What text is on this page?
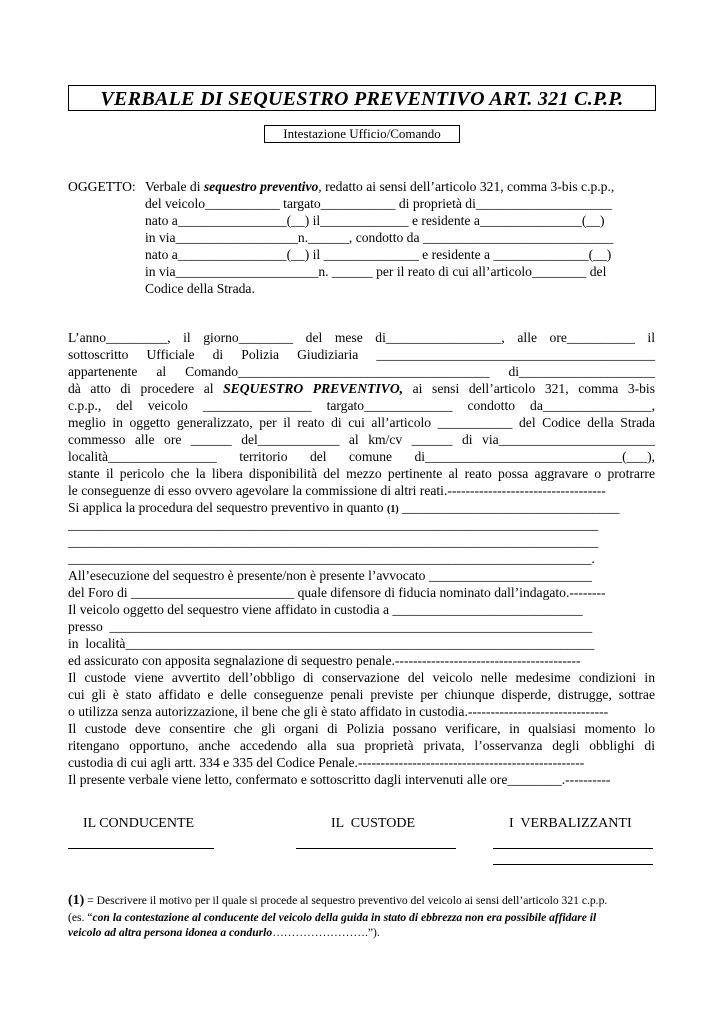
VERBALE DI SEQUESTRO PREVENTIVO ART. 321 C.P.P.
Intestazione Ufficio/Comando
OGGETTO: Verbale di sequestro preventivo, redatto ai sensi dell’articolo 321, comma 3-bis c.p.p.,
del veicolo___________ targato___________ di proprietà di____________________
nato a________________(__) il_____________ e residente a_______________(__)
in via__________________n.______, condotto da ____________________________
nato a________________(__) il ______________ e residente a ______________(__)
in via_____________________n. ______ per il reato di cui all’articolo________ del
Codice della Strada.
L’anno_________, il giorno________ del mese di_________________, alle ore__________ il
sottoscritto Ufficiale di Polizia Giudiziaria _________________________________________
appartenente al Comando_____________________________________ di____________________
dà atto di procedere al SEQUESTRO PREVENTIVO, ai sensi dell’articolo 321, comma 3-bis
c.p.p., del veicolo ________________ targato_____________ condotto da________________,
meglio in oggetto generalizzato, per il reato di cui all’articolo ___________ del Codice della Strada
commesso alle ore ______ del____________ al km/cv ______ di via_______________________
località________________ territorio del comune di_____________________________(___),
stante il pericolo che la libera disponibilità del mezzo pertinente al reato possa aggravare o protrarre
le conseguenze di esso ovvero agevolare la commissione di altri reati.-----------------------------------
Si applica la procedura del sequestro preventivo in quanto (1) ________________________________
______________________________________________________________________________
______________________________________________________________________________
_____________________________________________________________________________.
All’esecuzione del sequestro è presente/non è presente l’avvocato ________________________
del Foro di ________________________ quale difensore di fiducia nominato dall’indagato.--------
Il veicolo oggetto del sequestro viene affidato in custodia a ____________________________
presso  _______________________________________________________________________
in  località_____________________________________________________________________
ed assicurato con apposita segnalazione di sequestro penale.-----------------------------------------
Il custode viene avvertito dell’obbligo di conservazione del veicolo nelle medesime condizioni in
cui gli è stato affidato e delle conseguenze penali previste per chiunque disperde, distrugge, sottrae
o utilizza senza autorizzazione, il bene che gli è stato affidato in custodia.-------------------------------
Il custode deve consentire che gli organi di Polizia possano verificare, in qualsiasi momento lo
ritengano opportuno, anche accedendo alla sua proprietà privata, l’osservanza degli obblighi di
custodia di cui agli artt. 334 e 335 del Codice Penale.--------------------------------------------------
Il presente verbale viene letto, confermato e sottoscritto dagli intervenuti alle ore________.----------
IL CONDUCENTE	IL  CUSTODE	I  VERBALIZZANTI
(1) = Descrivere il motivo per il quale si procede al sequestro preventivo del veicolo ai sensi dell’articolo 321 c.p.p.
(es. “con la contestazione al conducente del veicolo della guida in stato di ebbrezza non era possibile affidare il
veicolo ad altra persona idonea a condurlo…………………….”).
